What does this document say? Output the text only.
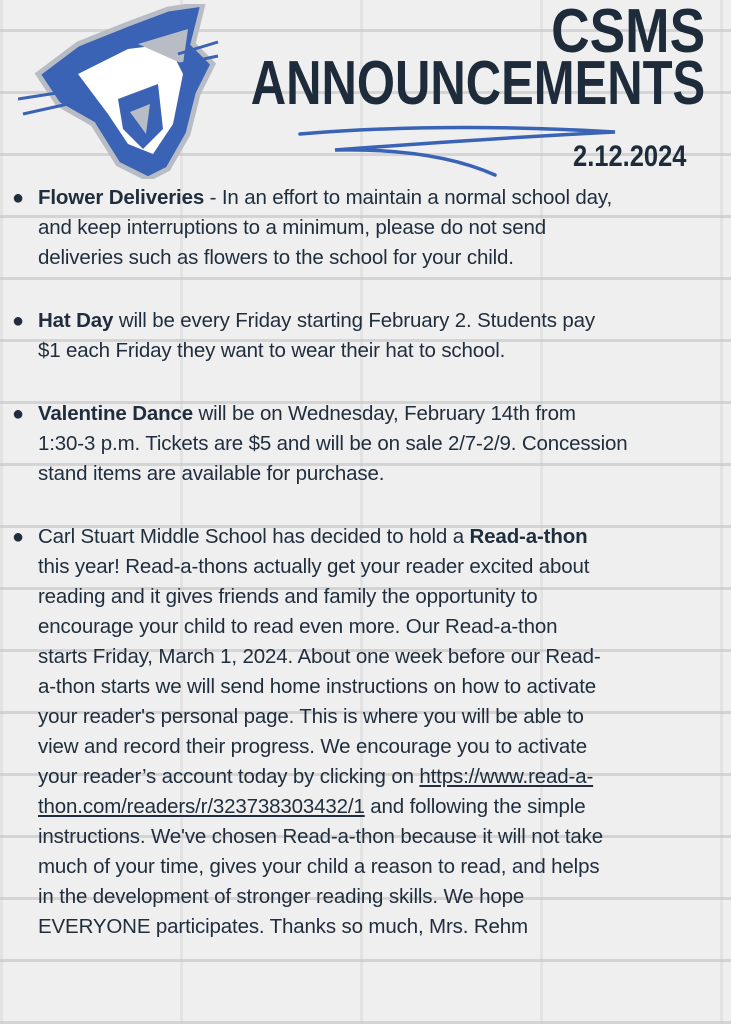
CSMS
ANNOUNCEMENTS
2.12.2024
● Flower Deliveries - In an effort to maintain a normal school day,
and keep interruptions to a minimum, please do not send
deliveries such as flowers to the school for your child.
● Hat Day will be every Friday starting February 2. Students pay
$1 each Friday they want to wear their hat to school.
● Valentine Dance will be on Wednesday, February 14th from
1:30-3 p.m. Tickets are $5 and will be on sale 2/7-2/9. Concession
stand items are available for purchase.
● Carl Stuart Middle School has decided to hold a Read-a-thon
this year! Read-a-thons actually get your reader excited about
reading and it gives friends and family the opportunity to
encourage your child to read even more. Our Read-a-thon
starts Friday, March 1, 2024. About one week before our Read-
a-thon starts we will send home instructions on how to activate
your reader's personal page. This is where you will be able to
view and record their progress. We encourage you to activate
your reader’s account today by clicking on https://www.read-a-
thon.com/readers/r/323738303432/1 and following the simple
instructions. We've chosen Read-a-thon because it will not take
much of your time, gives your child a reason to read, and helps
in the development of stronger reading skills. We hope
EVERYONE participates. Thanks so much, Mrs. Rehm
